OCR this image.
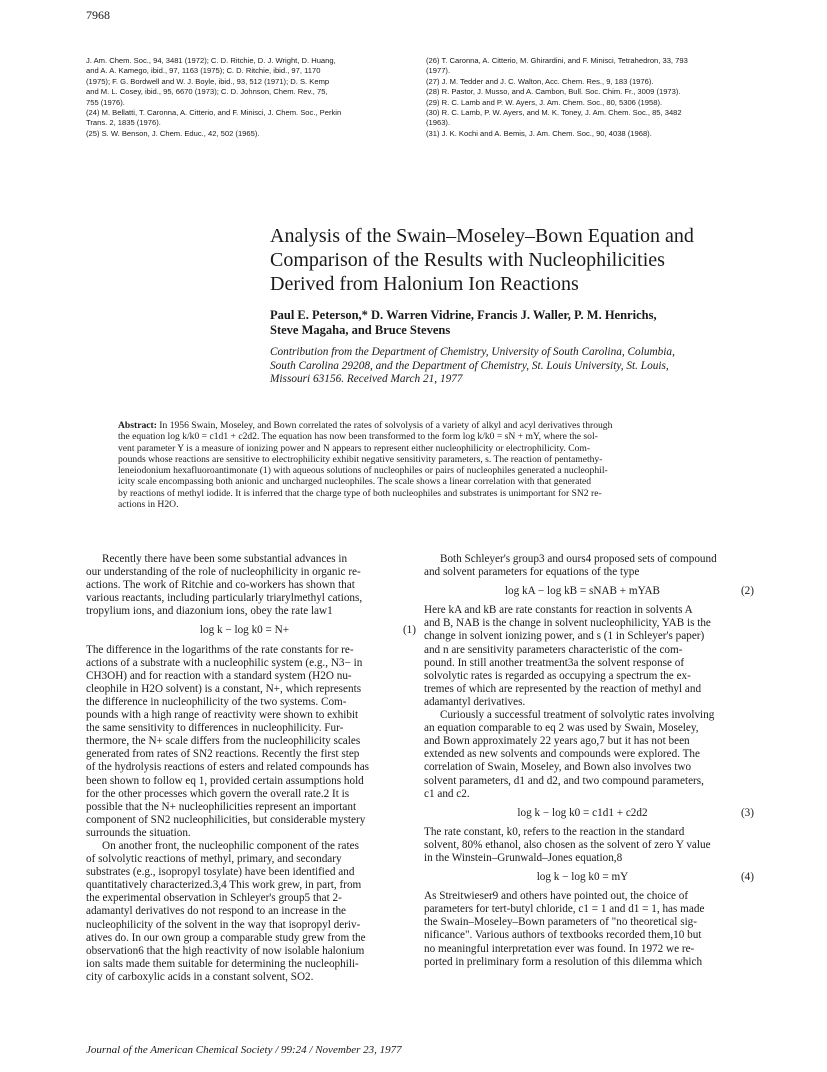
7968
J. Am. Chem. Soc., 94, 3481 (1972); C. D. Ritchie, D. J. Wright, D. Huang,
and A. A. Kamego, ibid., 97, 1163 (1975); C. D. Ritchie, ibid., 97, 1170
(1975); F. G. Bordwell and W. J. Boyle, ibid., 93, 512 (1971); D. S. Kemp
and M. L. Cosey, ibid., 95, 6670 (1973); C. D. Johnson, Chem. Rev., 75,
755 (1976).
(24) M. Bellatti, T. Caronna, A. Citterio, and F. Minisci, J. Chem. Soc., Perkin
Trans. 2, 1835 (1976).
(25) S. W. Benson, J. Chem. Educ., 42, 502 (1965).
(26) T. Caronna, A. Citterio, M. Ghirardini, and F. Minisci, Tetrahedron, 33, 793
(1977).
(27) J. M. Tedder and J. C. Walton, Acc. Chem. Res., 9, 183 (1976).
(28) R. Pastor, J. Musso, and A. Cambon, Bull. Soc. Chim. Fr., 3009 (1973).
(29) R. C. Lamb and P. W. Ayers, J. Am. Chem. Soc., 80, 5306 (1958).
(30) R. C. Lamb, P. W. Ayers, and M. K. Toney, J. Am. Chem. Soc., 85, 3482
(1963).
(31) J. K. Kochi and A. Bemis, J. Am. Chem. Soc., 90, 4038 (1968).
Analysis of the Swain–Moseley–Bown Equation and
Comparison of the Results with Nucleophilicities
Derived from Halonium Ion Reactions
Paul E. Peterson,* D. Warren Vidrine, Francis J. Waller, P. M. Henrichs,
Steve Magaha, and Bruce Stevens
Contribution from the Department of Chemistry, University of South Carolina, Columbia,
South Carolina 29208, and the Department of Chemistry, St. Louis University, St. Louis,
Missouri 63156. Received March 21, 1977
Abstract: In 1956 Swain, Moseley, and Bown correlated the rates of solvolysis of a variety of alkyl and acyl derivatives through
the equation log k/k0 = c1d1 + c2d2. The equation has now been transformed to the form log k/k0 = sN + mY, where the sol-
vent parameter Y is a measure of ionizing power and N appears to represent either nucleophilicity or electrophilicity. Com-
pounds whose reactions are sensitive to electrophilicity exhibit negative sensitivity parameters, s. The reaction of pentamethy-
leneiodonium hexafluoroantimonate (1) with aqueous solutions of nucleophiles or pairs of nucleophiles generated a nucleophil-
icity scale encompassing both anionic and uncharged nucleophiles. The scale shows a linear correlation with that generated
by reactions of methyl iodide. It is inferred that the charge type of both nucleophiles and substrates is unimportant for SN2 re-
actions in H2O.
Recently there have been some substantial advances in
our understanding of the role of nucleophilicity in organic re-
actions. The work of Ritchie and co-workers has shown that
various reactants, including particularly triarylmethyl cations,
tropylium ions, and diazonium ions, obey the rate law1
log k − log k0 = N+	(1)
The difference in the logarithms of the rate constants for re-
actions of a substrate with a nucleophilic system (e.g., N3− in
CH3OH) and for reaction with a standard system (H2O nu-
cleophile in H2O solvent) is a constant, N+, which represents
the difference in nucleophilicity of the two systems. Com-
pounds with a high range of reactivity were shown to exhibit
the same sensitivity to differences in nucleophilicity. Fur-
thermore, the N+ scale differs from the nucleophilicity scales
generated from rates of SN2 reactions. Recently the first step
of the hydrolysis reactions of esters and related compounds has
been shown to follow eq 1, provided certain assumptions hold
for the other processes which govern the overall rate.2 It is
possible that the N+ nucleophilicities represent an important
component of SN2 nucleophilicities, but considerable mystery
surrounds the situation.
On another front, the nucleophilic component of the rates
of solvolytic reactions of methyl, primary, and secondary
substrates (e.g., isopropyl tosylate) have been identified and
quantitatively characterized.3,4 This work grew, in part, from
the experimental observation in Schleyer's group5 that 2-
adamantyl derivatives do not respond to an increase in the
nucleophilicity of the solvent in the way that isopropyl deriv-
atives do. In our own group a comparable study grew from the
observation6 that the high reactivity of now isolable halonium
ion salts made them suitable for determining the nucleophili-
city of carboxylic acids in a constant solvent, SO2.
Both Schleyer's group3 and ours4 proposed sets of compound
and solvent parameters for equations of the type
log kA − log kB = sNAB + mYAB	(2)
Here kA and kB are rate constants for reaction in solvents A
and B, NAB is the change in solvent nucleophilicity, YAB is the
change in solvent ionizing power, and s (1 in Schleyer's paper)
and n are sensitivity parameters characteristic of the com-
pound. In still another treatment3a the solvent response of
solvolytic rates is regarded as occupying a spectrum the ex-
tremes of which are represented by the reaction of methyl and
adamantyl derivatives.
Curiously a successful treatment of solvolytic rates involving
an equation comparable to eq 2 was used by Swain, Moseley,
and Bown approximately 22 years ago,7 but it has not been
extended as new solvents and compounds were explored. The
correlation of Swain, Moseley, and Bown also involves two
solvent parameters, d1 and d2, and two compound parameters,
c1 and c2.
log k − log k0 = c1d1 + c2d2	(3)
The rate constant, k0, refers to the reaction in the standard
solvent, 80% ethanol, also chosen as the solvent of zero Y value
in the Winstein–Grunwald–Jones equation,8
log k − log k0 = mY	(4)
As Streitwieser9 and others have pointed out, the choice of
parameters for tert-butyl chloride, c1 = 1 and d1 = 1, has made
the Swain–Moseley–Bown parameters of "no theoretical sig-
nificance". Various authors of textbooks recorded them,10 but
no meaningful interpretation ever was found. In 1972 we re-
ported in preliminary form a resolution of this dilemma which
Journal of the American Chemical Society / 99:24 / November 23, 1977
